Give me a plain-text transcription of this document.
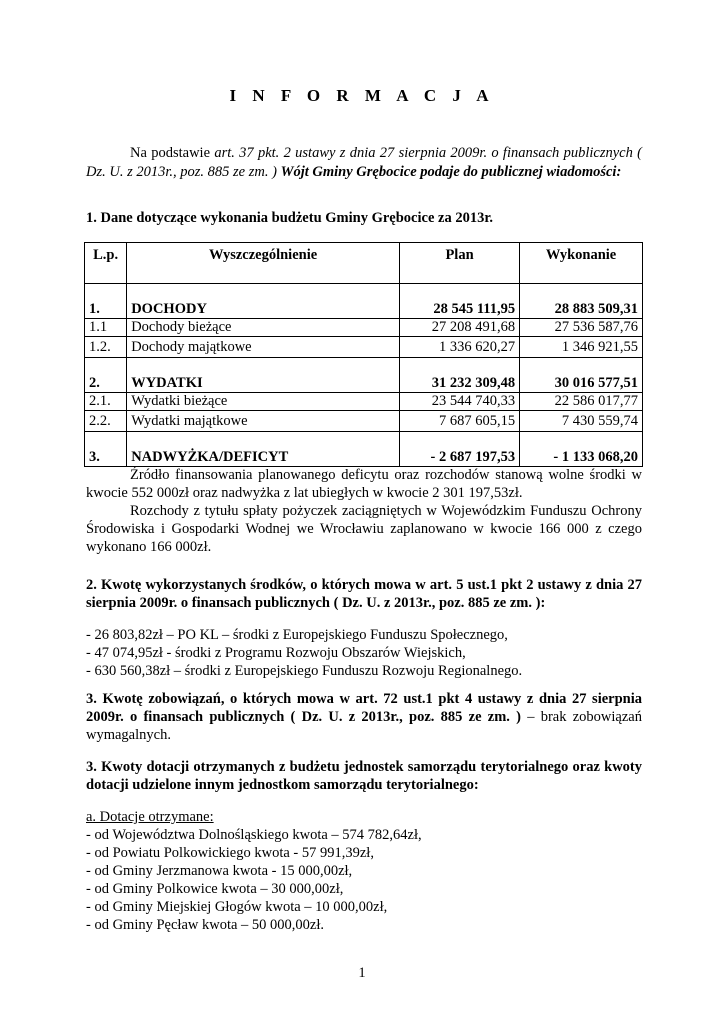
I N F O R M A C J A

Na podstawie art. 37 pkt. 2 ustawy z dnia 27 sierpnia 2009r. o finansach publicznych ( Dz. U. z 2013r., poz. 885 ze zm. ) Wójt Gminy Grębocice podaje do publicznej wiadomości:

1. Dane dotyczące wykonania budżetu Gminy Grębocice za 2013r.
L.p.	Wyszczególnienie	Plan	Wykonanie
1.	DOCHODY	28 545 111,95	28 883 509,31
1.1	Dochody bieżące	27 208 491,68	27 536 587,76
1.2.	Dochody majątkowe	1 336 620,27	1 346 921,55
2.	WYDATKI	31 232 309,48	30 016 577,51
2.1.	Wydatki bieżące	23 544 740,33	22 586 017,77
2.2.	Wydatki majątkowe	7 687 605,15	7 430 559,74
3.	NADWYŻKA/DEFICYT	- 2 687 197,53	- 1 133 068,20

Źródło finansowania planowanego deficytu oraz rozchodów stanową wolne środki w kwocie 552 000zł oraz nadwyżka z lat ubiegłych w kwocie 2 301 197,53zł.

Rozchody z tytułu spłaty pożyczek zaciągniętych w Wojewódzkim Funduszu Ochrony Środowiska i Gospodarki Wodnej we Wrocławiu zaplanowano w kwocie 166 000 z czego wykonano 166 000zł.

2. Kwotę wykorzystanych środków, o których mowa w art. 5 ust.1 pkt 2 ustawy z dnia 27 sierpnia 2009r. o finansach publicznych ( Dz. U. z 2013r., poz. 885 ze zm. ):

- 26 803,82zł – PO KL – środki z Europejskiego Funduszu Społecznego,
- 47 074,95zł - środki z Programu Rozwoju Obszarów Wiejskich,
- 630 560,38zł – środki z Europejskiego Funduszu Rozwoju Regionalnego.

3. Kwotę zobowiązań, o których mowa w art. 72 ust.1 pkt 4 ustawy z dnia 27 sierpnia 2009r. o finansach publicznych ( Dz. U. z 2013r., poz. 885 ze zm. ) – brak zobowiązań wymagalnych.

3. Kwoty dotacji otrzymanych z budżetu jednostek samorządu terytorialnego oraz kwoty dotacji udzielone innym jednostkom samorządu terytorialnego:

a. Dotacje otrzymane:

- od Województwa Dolnośląskiego kwota – 574 782,64zł,
- od Powiatu Polkowickiego kwota - 57 991,39zł,
- od Gminy Jerzmanowa kwota - 15 000,00zł,
- od Gminy Polkowice kwota – 30 000,00zł,
- od Gminy Miejskiej Głogów kwota – 10 000,00zł,
- od Gminy Pęcław kwota – 50 000,00zł.
1
